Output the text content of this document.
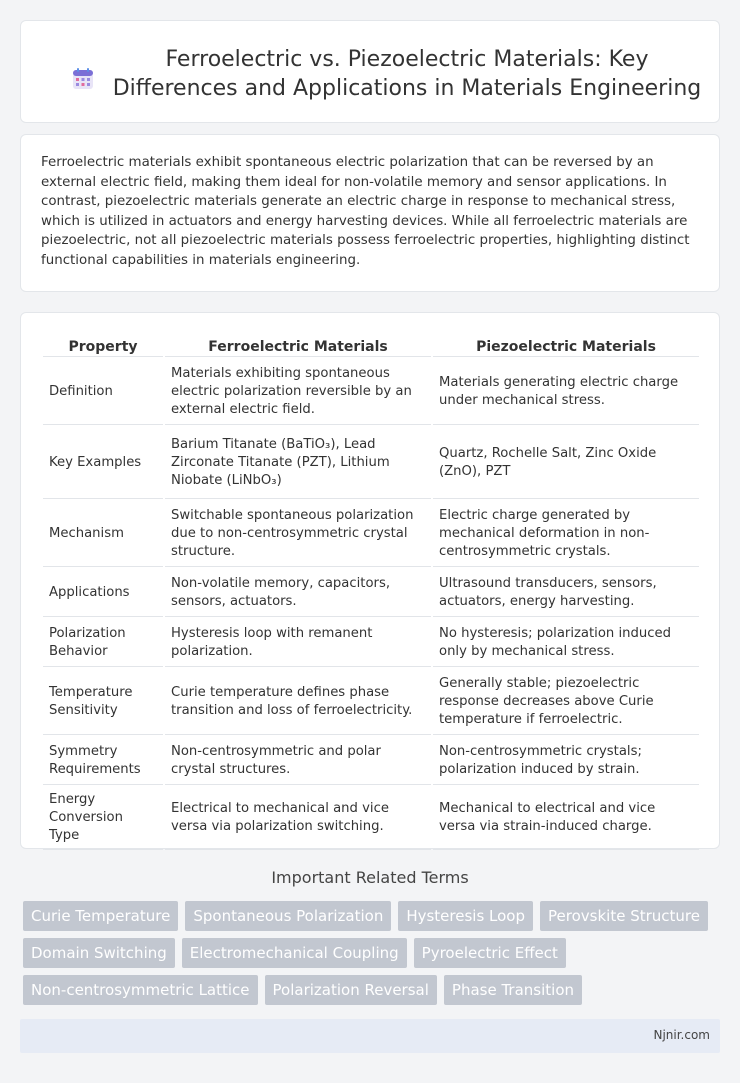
Ferroelectric vs. Piezoelectric Materials: Key Differences and Applications in Materials Engineering

Ferroelectric materials exhibit spontaneous electric polarization that can be reversed by an external electric field, making them ideal for non-volatile memory and sensor applications. In contrast, piezoelectric materials generate an electric charge in response to mechanical stress, which is utilized in actuators and energy harvesting devices. While all ferroelectric materials are piezoelectric, not all piezoelectric materials possess ferroelectric properties, highlighting distinct functional capabilities in materials engineering.

Property	Ferroelectric Materials	Piezoelectric Materials
Definition	Materials exhibiting spontaneous electric polarization reversible by an external electric field.	Materials generating electric charge under mechanical stress.
Key Examples	Barium Titanate (BaTiO₃), Lead Zirconate Titanate (PZT), Lithium Niobate (LiNbO₃)	Quartz, Rochelle Salt, Zinc Oxide (ZnO), PZT
Mechanism	Switchable spontaneous polarization due to non-centrosymmetric crystal structure.	Electric charge generated by mechanical deformation in non-centrosymmetric crystals.
Applications	Non-volatile memory, capacitors, sensors, actuators.	Ultrasound transducers, sensors, actuators, energy harvesting.
Polarization Behavior	Hysteresis loop with remanent polarization.	No hysteresis; polarization induced only by mechanical stress.
Temperature Sensitivity	Curie temperature defines phase transition and loss of ferroelectricity.	Generally stable; piezoelectric response decreases above Curie temperature if ferroelectric.
Symmetry Requirements	Non-centrosymmetric and polar crystal structures.	Non-centrosymmetric crystals; polarization induced by strain.
Energy Conversion Type	Electrical to mechanical and vice versa via polarization switching.	Mechanical to electrical and vice versa via strain-induced charge.
Important Related Terms
Curie Temperature	Spontaneous Polarization	Hysteresis Loop	Perovskite Structure
Domain Switching	Electromechanical Coupling	Pyroelectric Effect
Non-centrosymmetric Lattice	Polarization Reversal	Phase Transition
Njnir.com
